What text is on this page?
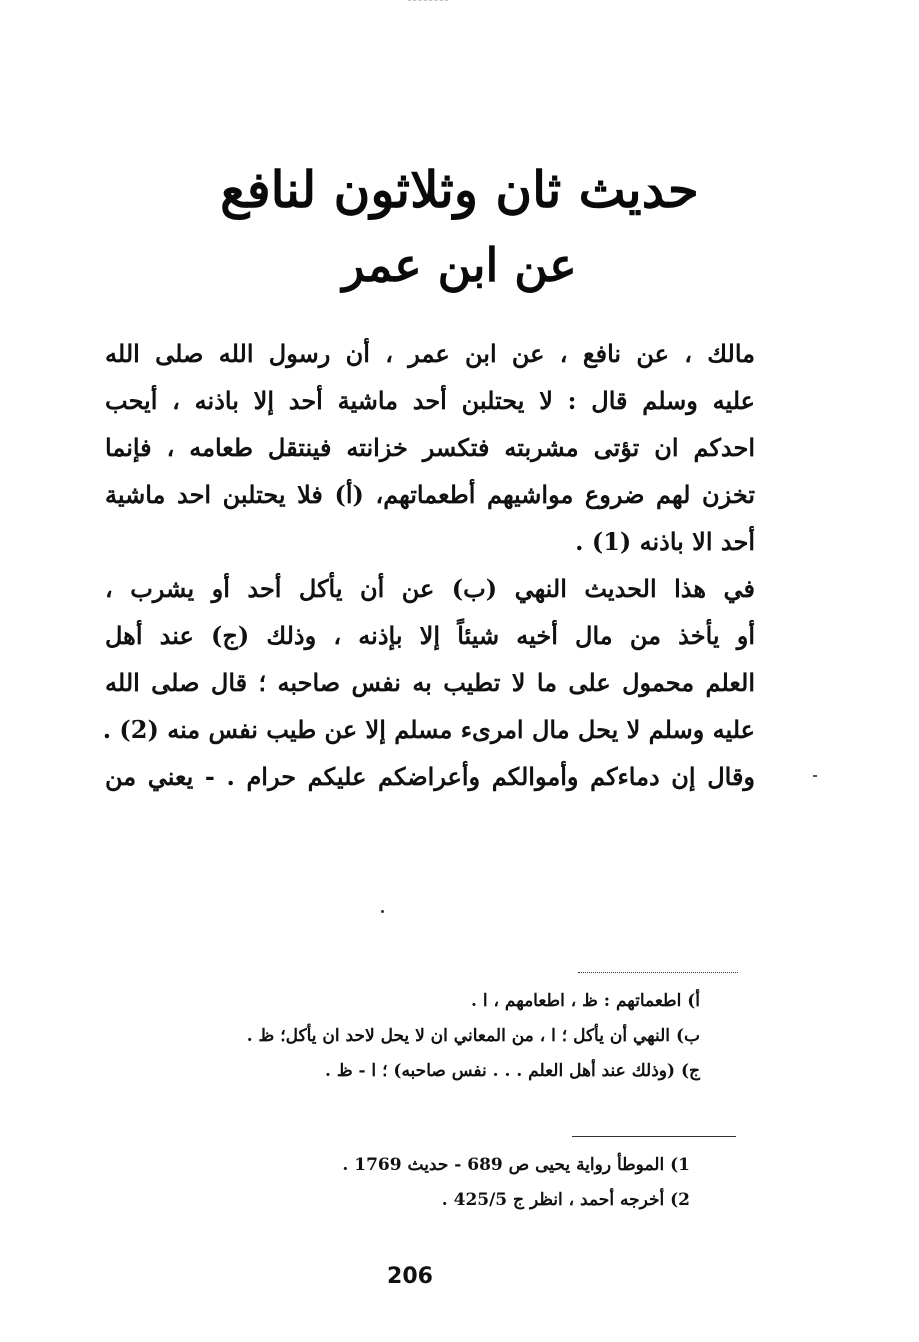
حديث ثان وثلاثون لنافع
عن ابن عمر

مالك ، عن نافع ، عن ابن عمر ، أن رسول الله صلى الله

عليه وسلم قال : لا يحتلبن أحد ماشية أحد إلا باذنه ، أيحب

احدكم ان تؤتى مشربته فتكسر خزانته فينتقل طعامه ، فإنما

تخزن لهم ضروع مواشيهم أطعماتهم، (أ) فلا يحتلبن احد ماشية

أحد الا باذنه (1) .

في هذا الحديث النهي (ب) عن أن يأكل أحد أو يشرب ،

أو يأخذ من مال أخيه شيئاً إلا بإذنه ، وذلك (ج) عند أهل

العلم محمول على ما لا تطيب به نفس صاحبه ؛ قال صلى الله

عليه وسلم لا يحل مال امرىء مسلم إلا عن طيب نفس منه (2) .

وقال إن دماءكم وأموالكم وأعراضكم عليكم حرام . - يعني من

أ) اطعماتهم : ظ ، اطعامهم ، ا .

ب) النهي أن يأكل ؛ ا ، من المعاني ان لا يحل لاحد ان يأكل؛ ظ .

ج) (وذلك عند أهل العلم . . . نفس صاحبه) ؛ ا - ظ .

1) الموطأ رواية يحيى ص 689 - حديث 1769 .

2) أخرجه أحمد ، انظر ج 425/5 .

206
